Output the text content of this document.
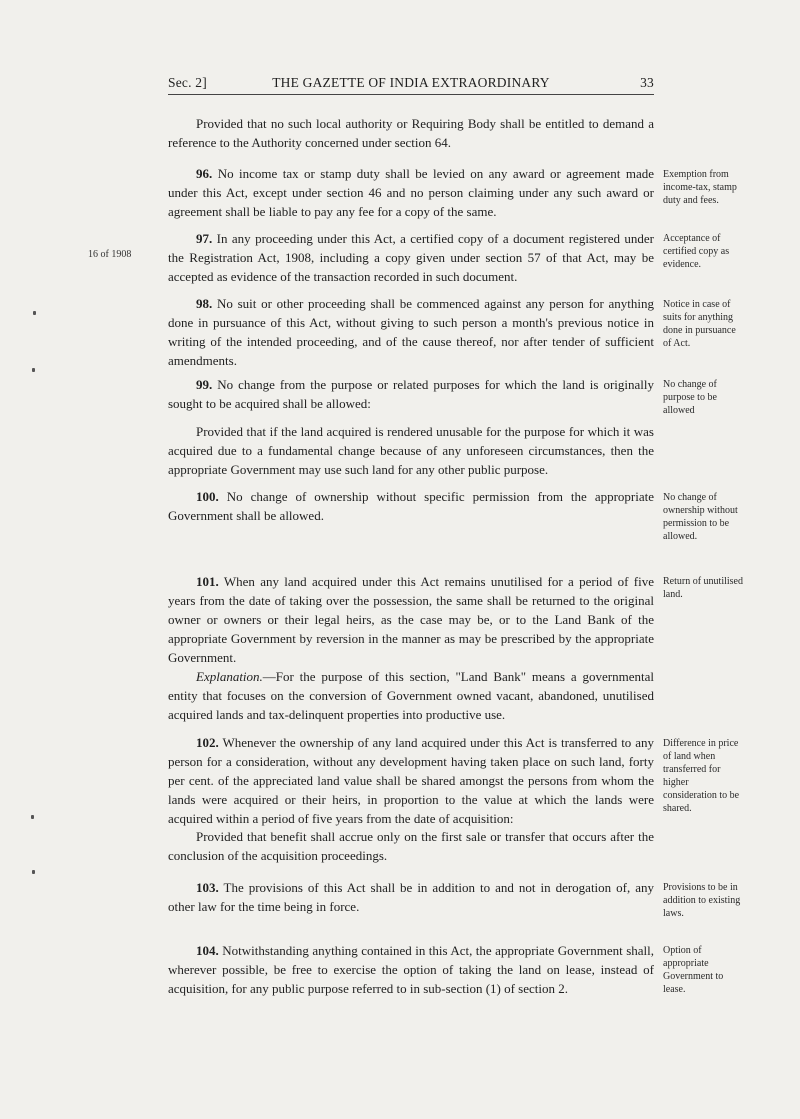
Sec. 2]	THE GAZETTE OF INDIA EXTRAORDINARY	33

Provided that no such local authority or Requiring Body shall be entitled to demand a reference to the Authority concerned under section 64.

96. No income tax or stamp duty shall be levied on any award or agreement made under this Act, except under section 46 and no person claiming under any such award or agreement shall be liable to pay any fee for a copy of the same.

Exemption from income-tax, stamp duty and fees.

97. In any proceeding under this Act, a certified copy of a document registered under the Registration Act, 1908, including a copy given under section 57 of that Act, may be accepted as evidence of the transaction recorded in such document.

Acceptance of certified copy as evidence.
16 of 1908

98. No suit or other proceeding shall be commenced against any person for anything done in pursuance of this Act, without giving to such person a month's previous notice in writing of the intended proceeding, and of the cause thereof, nor after tender of sufficient amendments.

Notice in case of suits for anything done in pursuance of Act.

99. No change from the purpose or related purposes for which the land is originally sought to be acquired shall be allowed:

No change of purpose to be allowed

Provided that if the land acquired is rendered unusable for the purpose for which it was acquired due to a fundamental change because of any unforeseen circumstances, then the appropriate Government may use such land for any other public purpose.

100. No change of ownership without specific permission from the appropriate Government shall be allowed.

No change of ownership without permission to be allowed.

101. When any land acquired under this Act remains unutilised for a period of five years from the date of taking over the possession, the same shall be returned to the original owner or owners or their legal heirs, as the case may be, or to the Land Bank of the appropriate Government by reversion in the manner as may be prescribed by the appropriate Government.

Return of unutilised land.

Explanation.—For the purpose of this section, "Land Bank" means a governmental entity that focuses on the conversion of Government owned vacant, abandoned, unutilised acquired lands and tax-delinquent properties into productive use.

102. Whenever the ownership of any land acquired under this Act is transferred to any person for a consideration, without any development having taken place on such land, forty per cent. of the appreciated land value shall be shared amongst the persons from whom the lands were acquired or their heirs, in proportion to the value at which the lands were acquired within a period of five years from the date of acquisition:

Difference in price of land when transferred for higher consideration to be shared.

Provided that benefit shall accrue only on the first sale or transfer that occurs after the conclusion of the acquisition proceedings.

103. The provisions of this Act shall be in addition to and not in derogation of, any other law for the time being in force.

Provisions to be in addition to existing laws.

104. Notwithstanding anything contained in this Act, the appropriate Government shall, wherever possible, be free to exercise the option of taking the land on lease, instead of acquisition, for any public purpose referred to in sub-section (1) of section 2.

Option of appropriate Government to lease.
